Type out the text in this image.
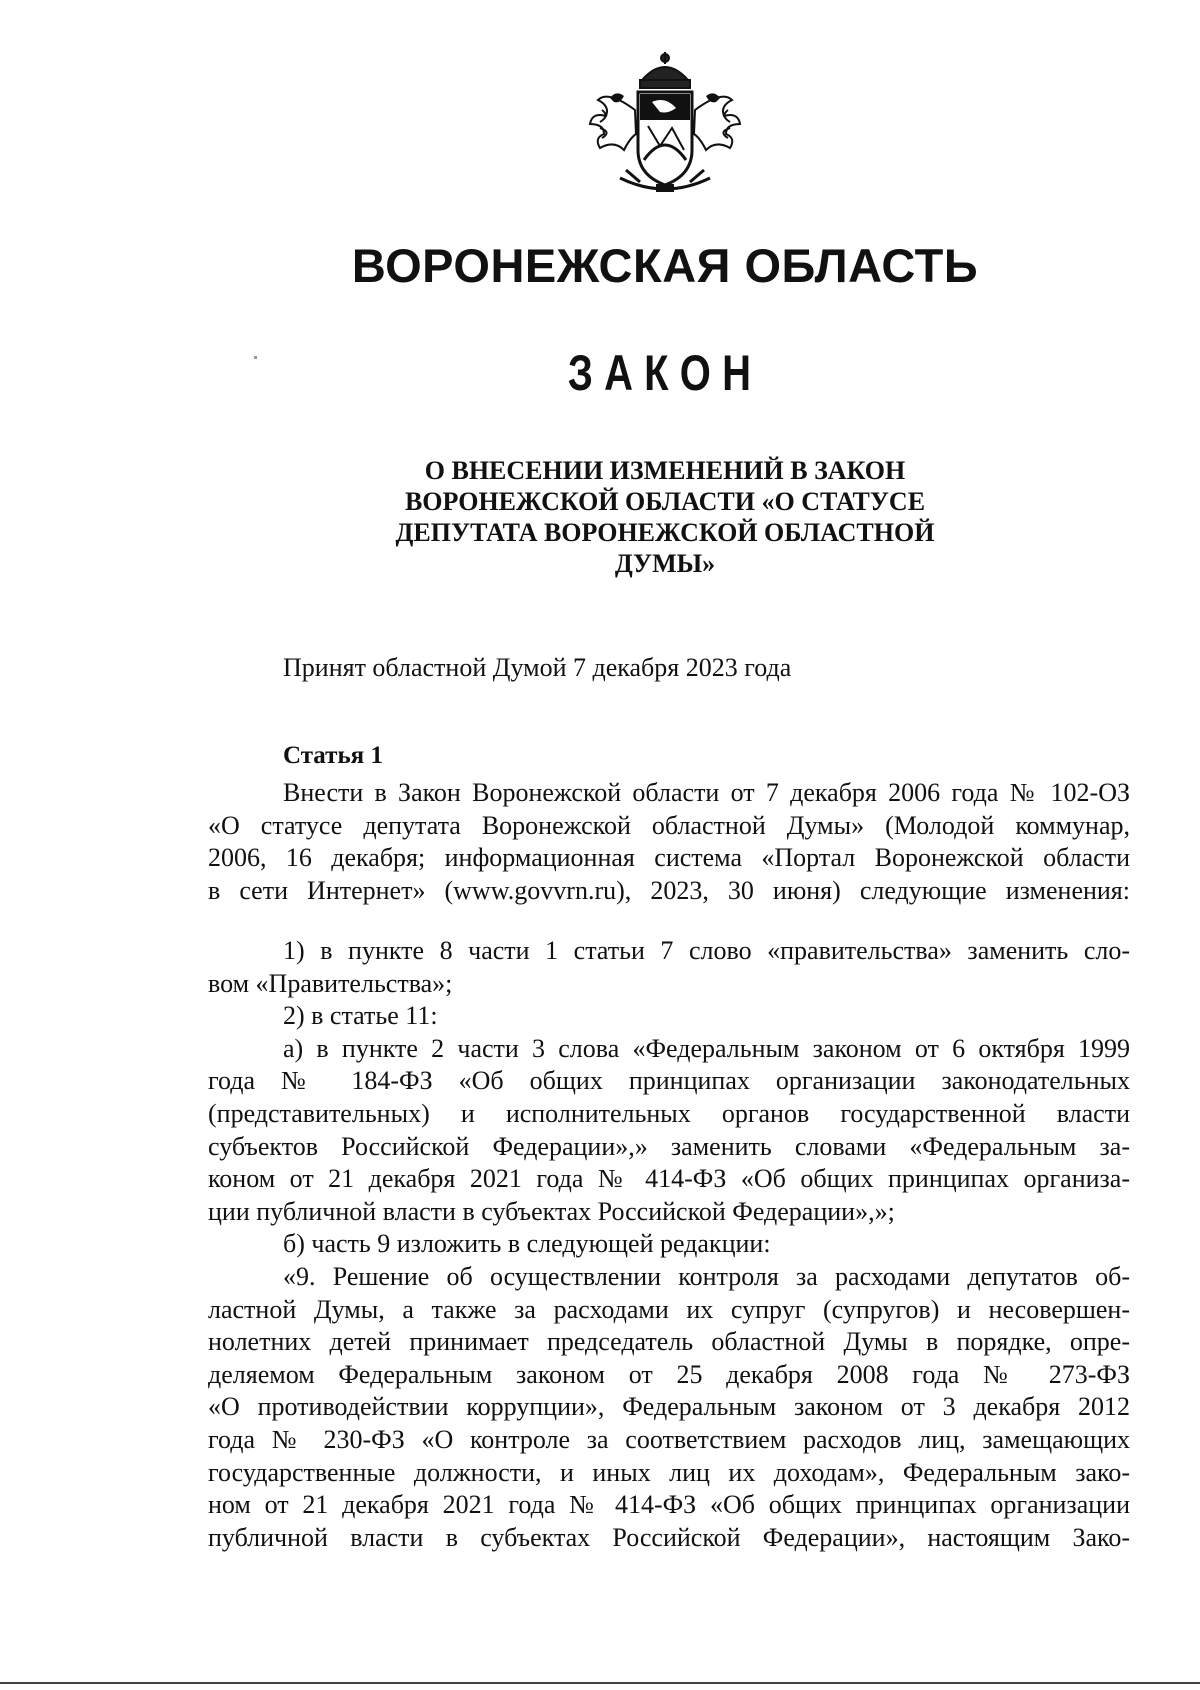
ВОРОНЕЖСКАЯ ОБЛАСТЬ
ЗАКОН
О ВНЕСЕНИИ ИЗМЕНЕНИЙ В ЗАКОН
ВОРОНЕЖСКОЙ ОБЛАСТИ «О СТАТУСЕ
ДЕПУТАТА ВОРОНЕЖСКОЙ ОБЛАСТНОЙ
ДУМЫ»
Принят областной Думой 7 декабря 2023 года
Статья 1
Внести в Закон Воронежской области от 7 декабря 2006 года № 102-ОЗ
«О статусе депутата Воронежской областной Думы» (Молодой коммунар,
2006, 16 декабря; информационная система «Портал Воронежской области
в сети Интернет» (www.govvrn.ru), 2023, 30 июня) следующие изменения:
1) в пункте 8 части 1 статьи 7 слово «правительства» заменить сло-
вом «Правительства»;
2) в статье 11:
а) в пункте 2 части 3 слова «Федеральным законом от 6 октября 1999
года № 184-ФЗ «Об общих принципах организации законодательных
(представительных) и исполнительных органов государственной власти
субъектов Российской Федерации»,» заменить словами «Федеральным за-
коном от 21 декабря 2021 года № 414-ФЗ «Об общих принципах организа-
ции публичной власти в субъектах Российской Федерации»,»;
б) часть 9 изложить в следующей редакции:
«9. Решение об осуществлении контроля за расходами депутатов об-
ластной Думы, а также за расходами их супруг (супругов) и несовершен-
нолетних детей принимает председатель областной Думы в порядке, опре-
деляемом Федеральным законом от 25 декабря 2008 года № 273-ФЗ
«О противодействии коррупции», Федеральным законом от 3 декабря 2012
года № 230-ФЗ «О контроле за соответствием расходов лиц, замещающих
государственные должности, и иных лиц их доходам», Федеральным зако-
ном от 21 декабря 2021 года № 414-ФЗ «Об общих принципах организации
публичной власти в субъектах Российской Федерации», настоящим Зако-
